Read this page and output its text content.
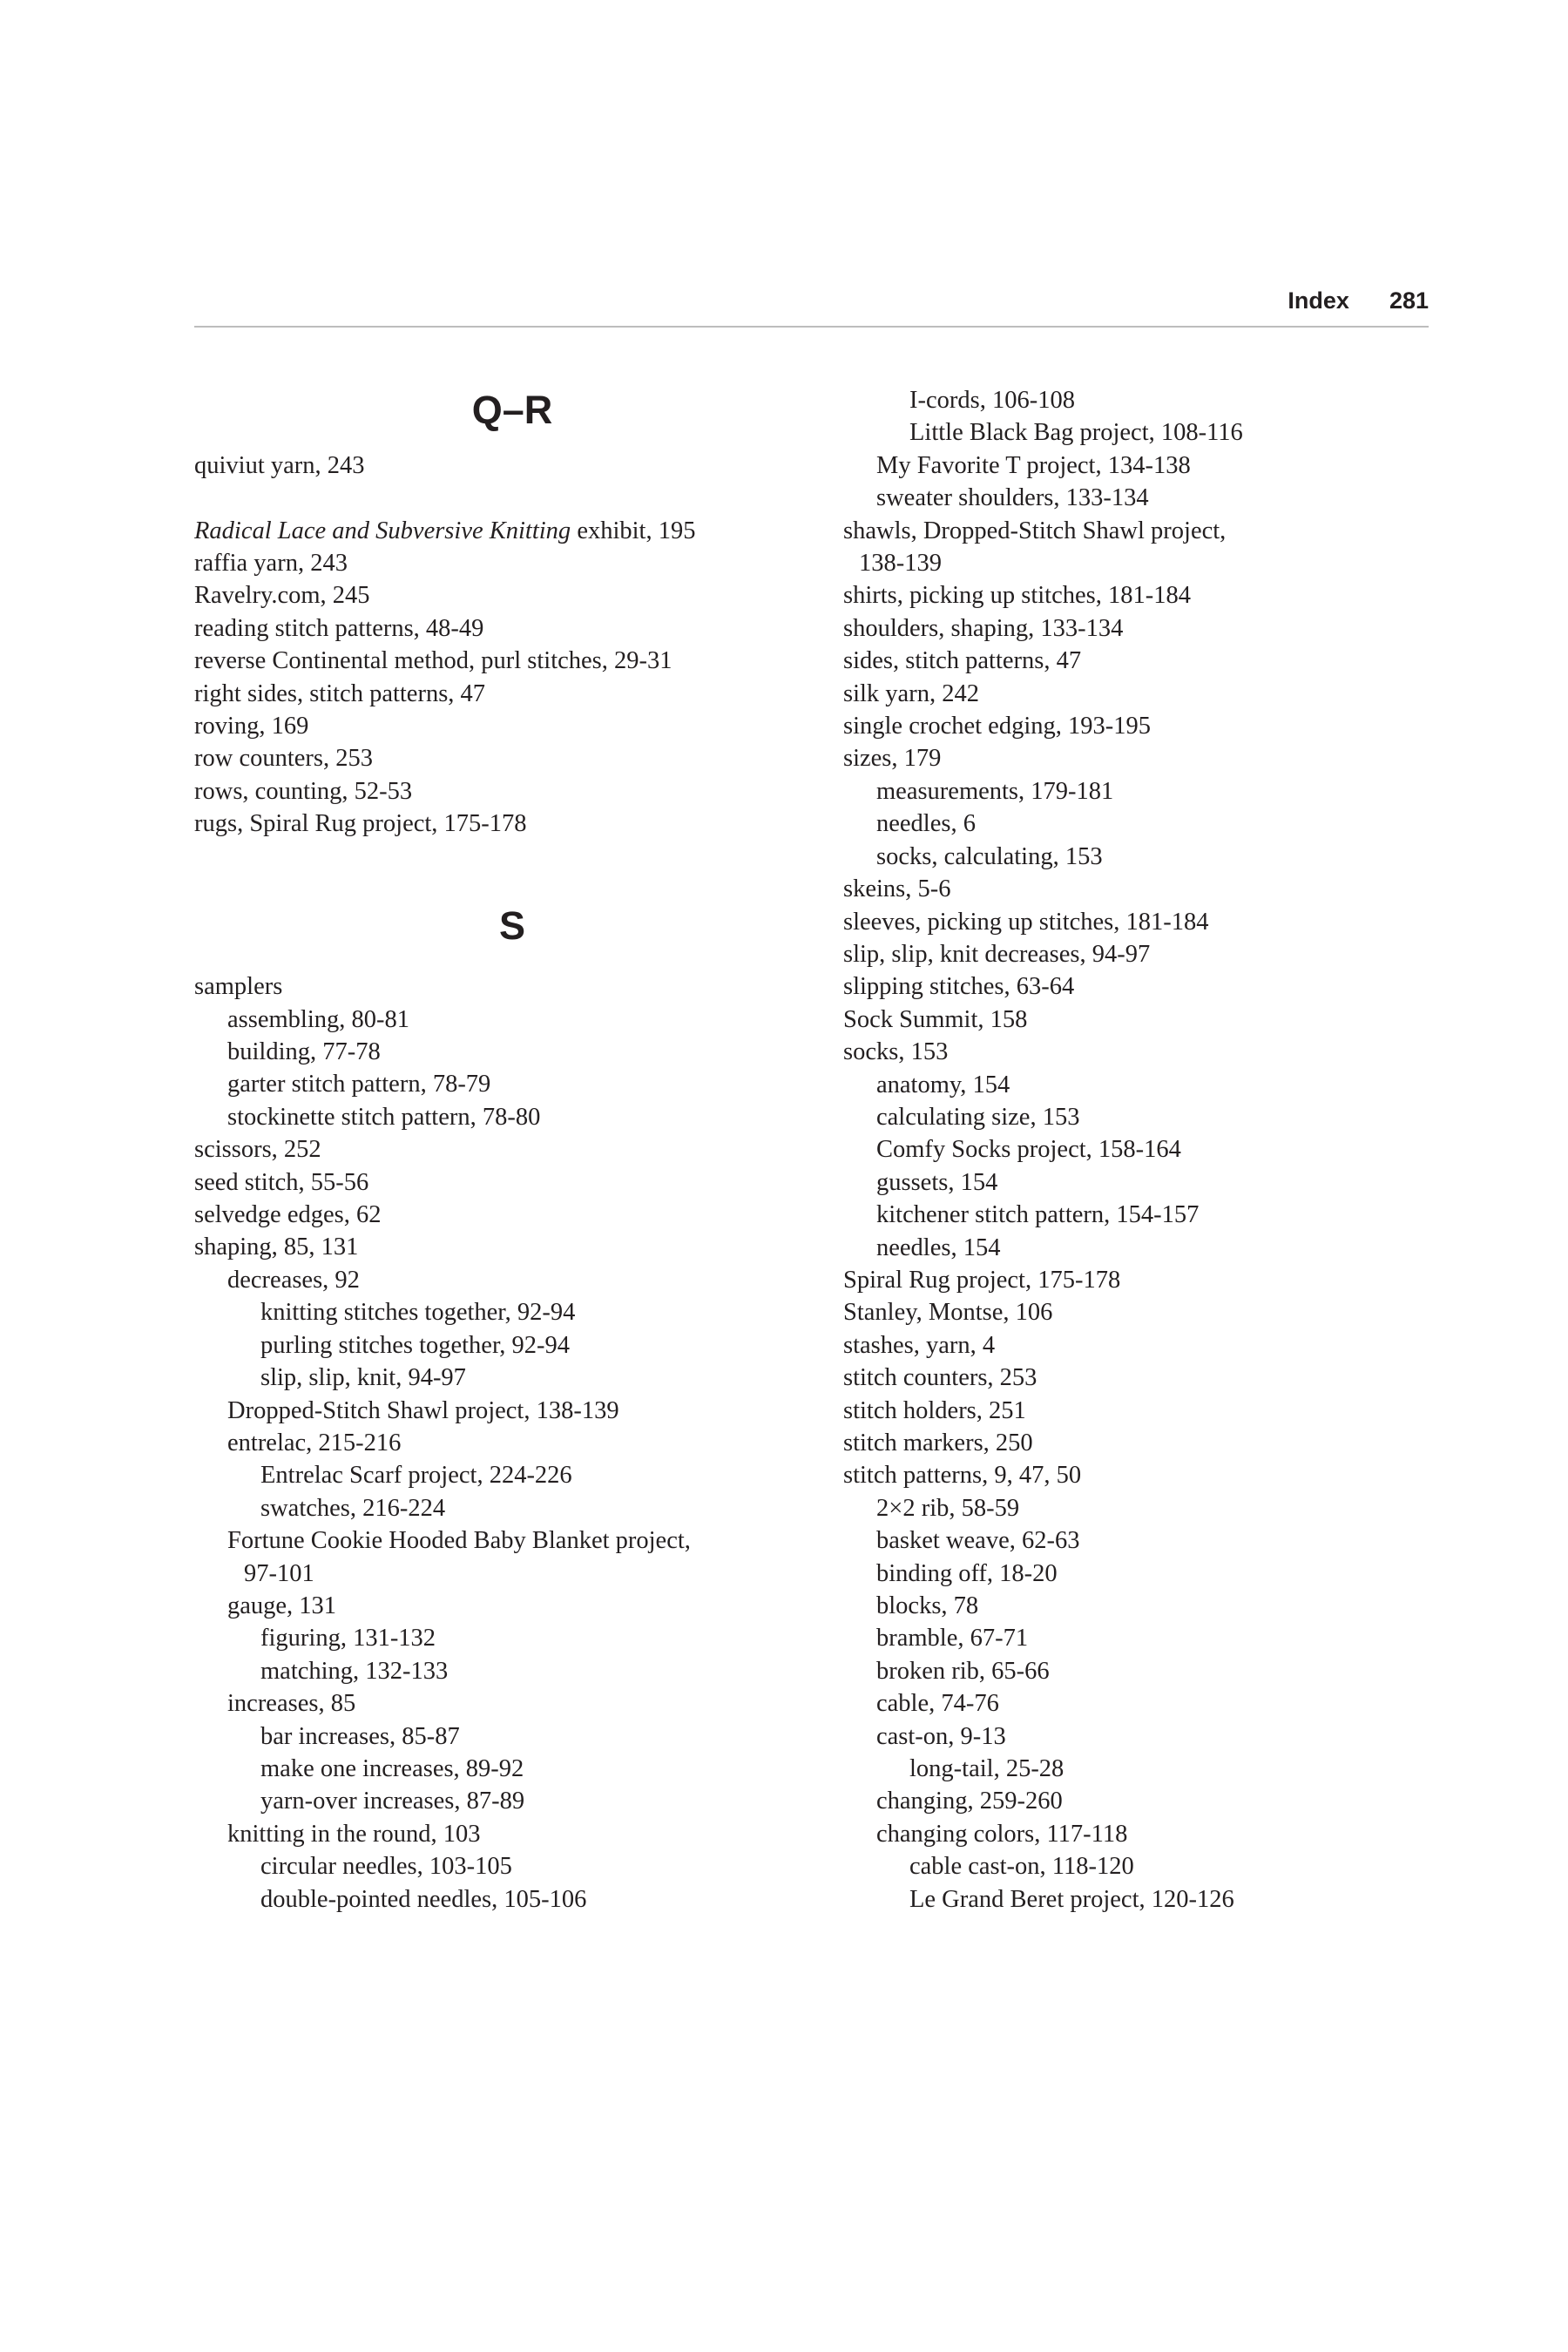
Index 281
Q–R
quiviut yarn, 243
Radical Lace and Subversive Knitting exhibit, 195
raffia yarn, 243
Ravelry.com, 245
reading stitch patterns, 48-49
reverse Continental method, purl stitches, 29-31
right sides, stitch patterns, 47
roving, 169
row counters, 253
rows, counting, 52-53
rugs, Spiral Rug project, 175-178
S
samplers
assembling, 80-81
building, 77-78
garter stitch pattern, 78-79
stockinette stitch pattern, 78-80
scissors, 252
seed stitch, 55-56
selvedge edges, 62
shaping, 85, 131
decreases, 92
knitting stitches together, 92-94
purling stitches together, 92-94
slip, slip, knit, 94-97
Dropped-Stitch Shawl project, 138-139
entrelac, 215-216
Entrelac Scarf project, 224-226
swatches, 216-224
Fortune Cookie Hooded Baby Blanket project,
97-101
gauge, 131
figuring, 131-132
matching, 132-133
increases, 85
bar increases, 85-87
make one increases, 89-92
yarn-over increases, 87-89
knitting in the round, 103
circular needles, 103-105
double-pointed needles, 105-106
I-cords, 106-108
Little Black Bag project, 108-116
My Favorite T project, 134-138
sweater shoulders, 133-134
shawls, Dropped-Stitch Shawl project,
138-139
shirts, picking up stitches, 181-184
shoulders, shaping, 133-134
sides, stitch patterns, 47
silk yarn, 242
single crochet edging, 193-195
sizes, 179
measurements, 179-181
needles, 6
socks, calculating, 153
skeins, 5-6
sleeves, picking up stitches, 181-184
slip, slip, knit decreases, 94-97
slipping stitches, 63-64
Sock Summit, 158
socks, 153
anatomy, 154
calculating size, 153
Comfy Socks project, 158-164
gussets, 154
kitchener stitch pattern, 154-157
needles, 154
Spiral Rug project, 175-178
Stanley, Montse, 106
stashes, yarn, 4
stitch counters, 253
stitch holders, 251
stitch markers, 250
stitch patterns, 9, 47, 50
2×2 rib, 58-59
basket weave, 62-63
binding off, 18-20
blocks, 78
bramble, 67-71
broken rib, 65-66
cable, 74-76
cast-on, 9-13
long-tail, 25-28
changing, 259-260
changing colors, 117-118
cable cast-on, 118-120
Le Grand Beret project, 120-126
